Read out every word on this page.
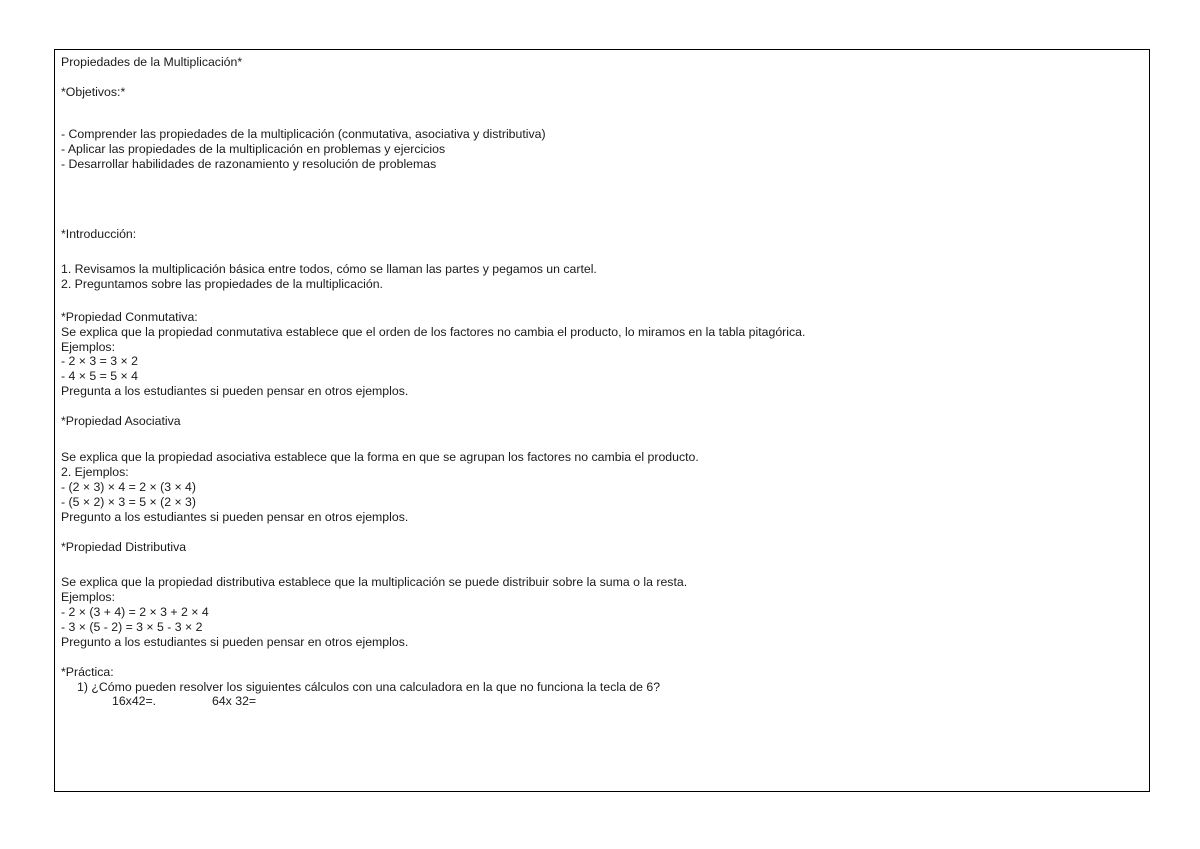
Propiedades de la Multiplicación*
*Objetivos:*
- Comprender las propiedades de la multiplicación (conmutativa, asociativa y distributiva)
- Aplicar las propiedades de la multiplicación en problemas y ejercicios
- Desarrollar habilidades de razonamiento y resolución de problemas
*Introducción:
1. Revisamos la multiplicación básica entre todos, cómo se llaman las partes y pegamos un cartel.
2. Preguntamos sobre las propiedades de la multiplicación.
*Propiedad Conmutativa:
Se explica que la propiedad conmutativa establece que el orden de los factores no cambia el producto, lo miramos en la tabla pitagórica.
Ejemplos:
- 2 × 3 = 3 × 2
- 4 × 5 = 5 × 4
Pregunta a los estudiantes si pueden pensar en otros ejemplos.
*Propiedad Asociativa
Se explica que la propiedad asociativa establece que la forma en que se agrupan los factores no cambia el producto.
2. Ejemplos:
- (2 × 3) × 4 = 2 × (3 × 4)
- (5 × 2) × 3 = 5 × (2 × 3)
Pregunto a los estudiantes si pueden pensar en otros ejemplos.
*Propiedad Distributiva
Se explica que la propiedad distributiva establece que la multiplicación se puede distribuir sobre la suma o la resta.
Ejemplos:
- 2 × (3 + 4) = 2 × 3 + 2 × 4
- 3 × (5 - 2) = 3 × 5 - 3 × 2
Pregunto a los estudiantes si pueden pensar en otros ejemplos.
*Práctica:
1) ¿Cómo pueden resolver los siguientes cálculos con una calculadora en la que no funciona la tecla de 6?
16x42=.	64x 32=
